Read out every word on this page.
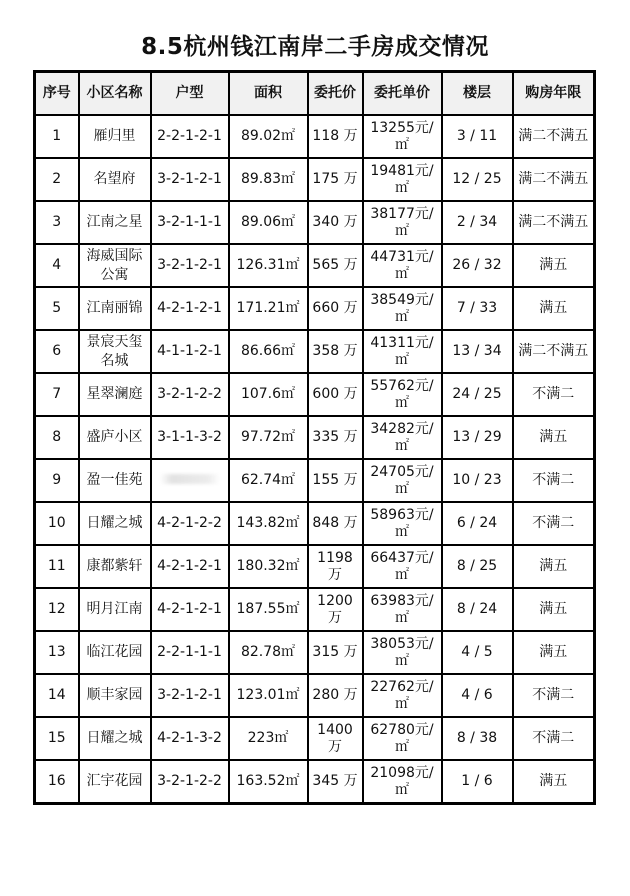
8.5杭州钱江南岸二手房成交情况
序号	小区名称	户型	面积	委托价	委托单价	楼层	购房年限
1	雁归里	2-2-1-2-1	89.02㎡	118 万	13255元/㎡	3 / 11	满二不满五
2	名望府	3-2-1-2-1	89.83㎡	175 万	19481元/㎡	12 / 25	满二不满五
3	江南之星	3-2-1-1-1	89.06㎡	340 万	38177元/㎡	2 / 34	满二不满五
4	海威国际公寓	3-2-1-2-1	126.31㎡	565 万	44731元/㎡	26 / 32	满五
5	江南丽锦	4-2-1-2-1	171.21㎡	660 万	38549元/㎡	7 / 33	满五
6	景宸天玺名城	4-1-1-2-1	86.66㎡	358 万	41311元/㎡	13 / 34	满二不满五
7	星翠澜庭	3-2-1-2-2	107.6㎡	600 万	55762元/㎡	24 / 25	不满二
8	盛庐小区	3-1-1-3-2	97.72㎡	335 万	34282元/㎡	13 / 29	满五
9	盈一佳苑		62.74㎡	155 万	24705元/㎡	10 / 23	不满二
10	日耀之城	4-2-1-2-2	143.82㎡	848 万	58963元/㎡	6 / 24	不满二
11	康都紫轩	4-2-1-2-1	180.32㎡	1198 万	66437元/㎡	8 / 25	满五
12	明月江南	4-2-1-2-1	187.55㎡	1200 万	63983元/㎡	8 / 24	满五
13	临江花园	2-2-1-1-1	82.78㎡	315 万	38053元/㎡	4 / 5	满五
14	顺丰家园	3-2-1-2-1	123.01㎡	280 万	22762元/㎡	4 / 6	不满二
15	日耀之城	4-2-1-3-2	223㎡	1400 万	62780元/㎡	8 / 38	不满二
16	汇宇花园	3-2-1-2-2	163.52㎡	345 万	21098元/㎡	1 / 6	满五
